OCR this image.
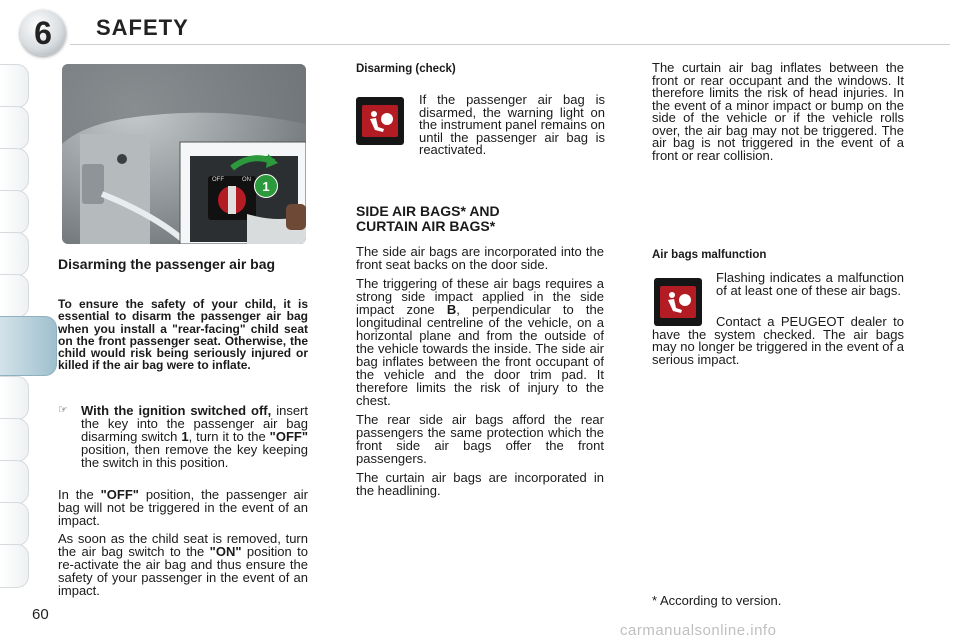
6 SAFETY
OFF	ON 1
Disarming the passenger air bag
To ensure the safety of your child, it is essential to disarm the passenger air bag when you install a "rear-facing" child seat on the front passenger seat. Otherwise, the child would risk being seriously injured or killed if the air bag were to inflate.
☞ With the ignition switched off, insert the key into the passenger air bag disarming switch 1, turn it to the "OFF" position, then remove the key keeping the switch in this position.
In the "OFF" position, the passenger air bag will not be triggered in the event of an impact.
As soon as the child seat is removed, turn the air bag switch to the "ON" position to re-activate the air bag and thus ensure the safety of your passenger in the event of an impact.
Disarming (check)
If the passenger air bag is disarmed, the warning light on the instrument panel remains on until the passenger air bag is reactivated.
SIDE AIR BAGS* AND CURTAIN AIR BAGS*

The side air bags are incorporated into the front seat backs on the door side.

The triggering of these air bags requires a strong side impact applied in the side impact zone B, perpendicular to the longitudinal centreline of the vehicle, on a horizontal plane and from the outside of the vehicle towards the inside. The side air bag inflates between the front occupant of the vehicle and the door trim pad. It therefore limits the risk of injury to the chest.

The rear side air bags afford the rear passengers the same protection which the front side air bags offer the front passengers.

The curtain air bags are incorporated in the headlining.

The curtain air bag inflates between the front or rear occupant and the windows. It therefore limits the risk of head injuries. In the event of a minor impact or bump on the side of the vehicle or if the vehicle rolls over, the air bag may not be triggered. The air bag is not triggered in the event of a front or rear collision.
Air bags malfunction
Flashing indicates a malfunction of at least one of these air bags.
Contact a PEUGEOT dealer to have the system checked. The air bags may no longer be triggered in the event of a serious impact.
* According to version.
60
carmanualsonline.info
